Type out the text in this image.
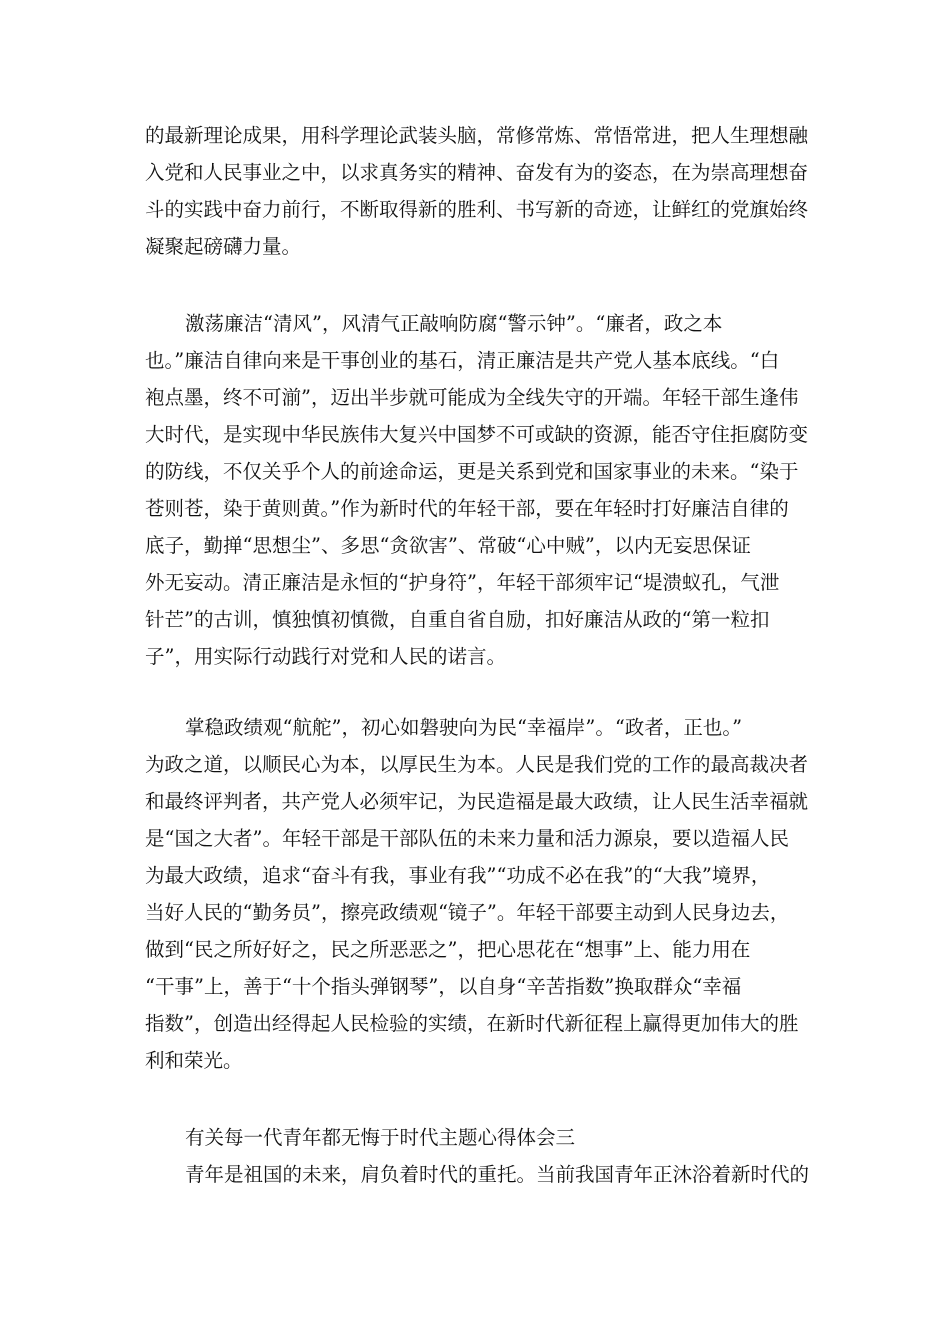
的最新理论成果，用科学理论武装头脑，常修常炼、常悟常进，把人生理想融
入党和人民事业之中，以求真务实的精神、奋发有为的姿态，在为崇高理想奋
斗的实践中奋力前行，不断取得新的胜利、书写新的奇迹，让鲜红的党旗始终
凝聚起磅礴力量。
激荡廉洁“清风”，风清气正敲响防腐“警示钟”。“廉者，政之本
也。”廉洁自律向来是干事创业的基石，清正廉洁是共产党人基本底线。“白
袍点墨，终不可湔”，迈出半步就可能成为全线失守的开端。年轻干部生逢伟
大时代，是实现中华民族伟大复兴中国梦不可或缺的资源，能否守住拒腐防变
的防线，不仅关乎个人的前途命运，更是关系到党和国家事业的未来。“染于
苍则苍，染于黄则黄。”作为新时代的年轻干部，要在年轻时打好廉洁自律的
底子，勤掸“思想尘”、多思“贪欲害”、常破“心中贼”，以内无妄思保证
外无妄动。清正廉洁是永恒的“护身符”，年轻干部须牢记“堤溃蚁孔，气泄
针芒”的古训，慎独慎初慎微，自重自省自励，扣好廉洁从政的“第一粒扣
子”，用实际行动践行对党和人民的诺言。
掌稳政绩观“航舵”，初心如磐驶向为民“幸福岸”。“政者，正也。”
为政之道，以顺民心为本，以厚民生为本。人民是我们党的工作的最高裁决者
和最终评判者，共产党人必须牢记，为民造福是最大政绩，让人民生活幸福就
是“国之大者”。年轻干部是干部队伍的未来力量和活力源泉，要以造福人民
为最大政绩，追求“奋斗有我，事业有我”“功成不必在我”的“大我”境界，
当好人民的“勤务员”，擦亮政绩观“镜子”。年轻干部要主动到人民身边去，
做到“民之所好好之，民之所恶恶之”，把心思花在“想事”上、能力用在
“干事”上，善于“十个指头弹钢琴”，以自身“辛苦指数”换取群众“幸福
指数”，创造出经得起人民检验的实绩，在新时代新征程上赢得更加伟大的胜
利和荣光。
有关每一代青年都无悔于时代主题心得体会三
青年是祖国的未来，肩负着时代的重托。当前我国青年正沐浴着新时代的
